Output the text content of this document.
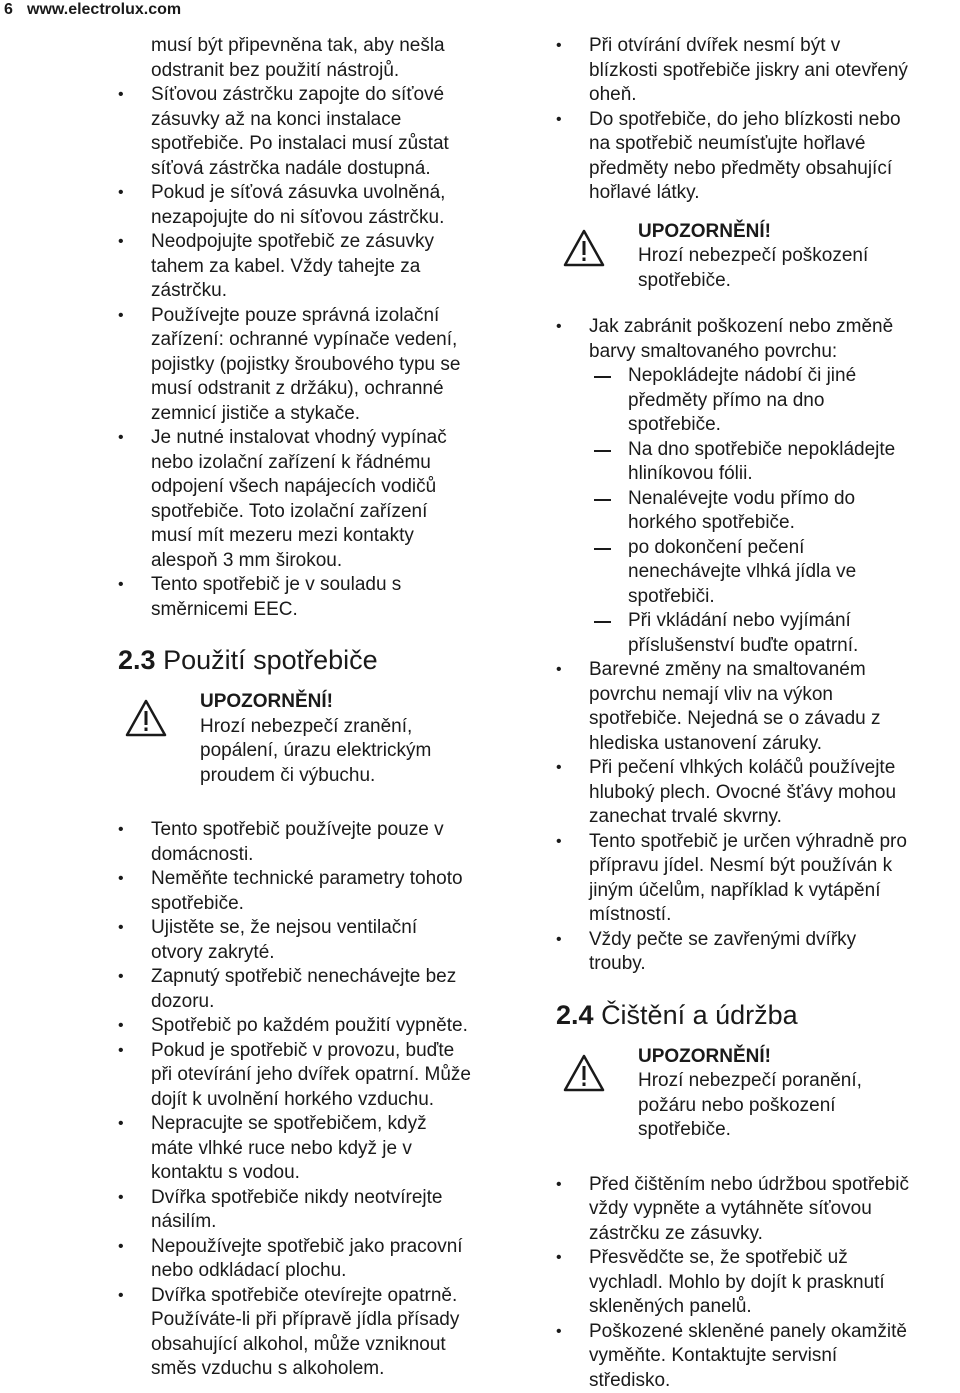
6 www.electrolux.com
musí být připevněna tak, aby nešla
odstranit bez použití nástrojů.
• Síťovou zástrčku zapojte do síťové
zásuvky až na konci instalace
spotřebiče. Po instalaci musí zůstat
síťová zástrčka nadále dostupná.
• Pokud je síťová zásuvka uvolněná,
nezapojujte do ni síťovou zástrčku.
• Neodpojujte spotřebič ze zásuvky
tahem za kabel. Vždy tahejte za
zástrčku.
• Používejte pouze správná izolační
zařízení: ochranné vypínače vedení,
pojistky (pojistky šroubového typu se
musí odstranit z držáku), ochranné
zemnicí jističe a stykače.
• Je nutné instalovat vhodný vypínač
nebo izolační zařízení k řádnému
odpojení všech napájecích vodičů
spotřebiče. Toto izolační zařízení
musí mít mezeru mezi kontakty
alespoň 3 mm širokou.
• Tento spotřebič je v souladu s
směrnicemi EEC.
2.3 Použití spotřebiče
UPOZORNĚNÍ!
Hrozí nebezpečí zranění,
popálení, úrazu elektrickým
proudem či výbuchu.
• Tento spotřebič používejte pouze v
domácnosti.
• Neměňte technické parametry tohoto
spotřebiče.
• Ujistěte se, že nejsou ventilační
otvory zakryté.
• Zapnutý spotřebič nenechávejte bez
dozoru.
• Spotřebič po každém použití vypněte.
• Pokud je spotřebič v provozu, buďte
při otevírání jeho dvířek opatrní. Může
dojít k uvolnění horkého vzduchu.
• Nepracujte se spotřebičem, když
máte vlhké ruce nebo když je v
kontaktu s vodou.
• Dvířka spotřebiče nikdy neotvírejte
násilím.
• Nepoužívejte spotřebič jako pracovní
nebo odkládací plochu.
• Dvířka spotřebiče otevírejte opatrně.
Používáte-li při přípravě jídla přísady
obsahující alkohol, může vzniknout
směs vzduchu s alkoholem.
• Při otvírání dvířek nesmí být v
blízkosti spotřebiče jiskry ani otevřený
oheň.
• Do spotřebiče, do jeho blízkosti nebo
na spotřebič neumísťujte hořlavé
předměty nebo předměty obsahující
hořlavé látky.
UPOZORNĚNÍ!
Hrozí nebezpečí poškození
spotřebiče.
• Jak zabránit poškození nebo změně
barvy smaltovaného povrchu:
Nepokládejte nádobí či jiné
předměty přímo na dno
spotřebiče.
Na dno spotřebiče nepokládejte
hliníkovou fólii.
Nenalévejte vodu přímo do
horkého spotřebiče.
po dokončení pečení
nenechávejte vlhká jídla ve
spotřebiči.
Při vkládání nebo vyjímání
příslušenství buďte opatrní.
• Barevné změny na smaltovaném
povrchu nemají vliv na výkon
spotřebiče. Nejedná se o závadu z
hlediska ustanovení záruky.
• Při pečení vlhkých koláčů používejte
hluboký plech. Ovocné šťávy mohou
zanechat trvalé skvrny.
• Tento spotřebič je určen výhradně pro
přípravu jídel. Nesmí být používán k
jiným účelům, například k vytápění
místností.
• Vždy pečte se zavřenými dvířky
trouby.
2.4 Čištění a údržba
UPOZORNĚNÍ!
Hrozí nebezpečí poranění,
požáru nebo poškození
spotřebiče.
• Před čištěním nebo údržbou spotřebič
vždy vypněte a vytáhněte síťovou
zástrčku ze zásuvky.
• Přesvědčte se, že spotřebič už
vychladl. Mohlo by dojít k prasknutí
skleněných panelů.
• Poškozené skleněné panely okamžitě
vyměňte. Kontaktujte servisní
středisko.
